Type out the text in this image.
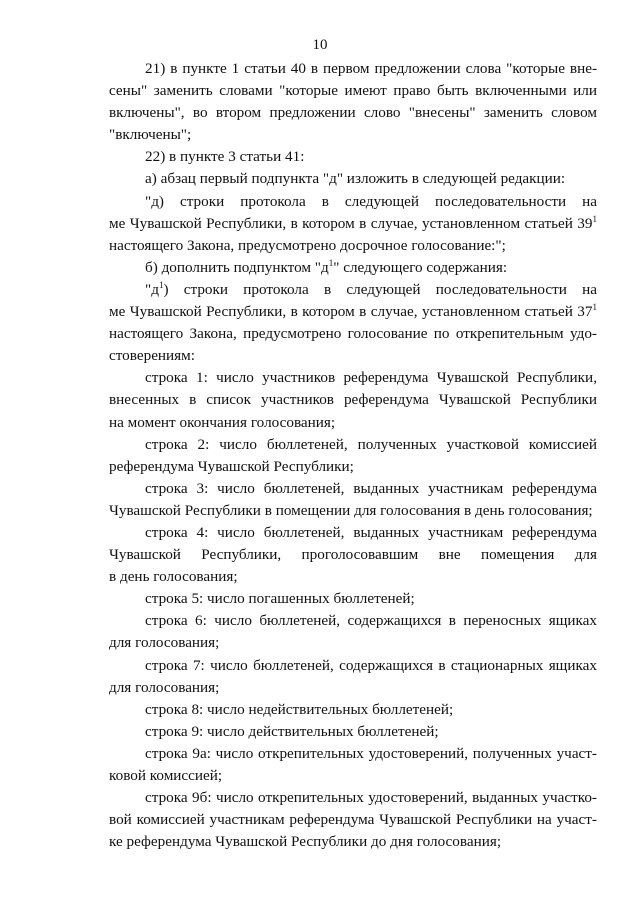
10
21) в пункте 1 статьи 40 в первом предложении слова "которые вне-
сены" заменить словами "которые имеют право быть включенными или
включены", во втором предложении слово "внесены" заменить словом
"включены";
22) в пункте 3 статьи 41:
а) абзац первый подпункта "д" изложить в следующей редакции:
"д) строки протокола в следующей последовательности на
ме Чувашской Республики, в котором в случае, установленном статьей $39^1$
настоящего Закона, предусмотрено досрочное голосование:";
б) дополнить подпунктом "$д^1$" следующего содержания:
"$д^1$) строки протокола в следующей последовательности на
ме Чувашской Республики, в котором в случае, установленном статьей $37^1$
настоящего Закона, предусмотрено голосование по открепительным удо-
стоверениям:
строка 1: число участников референдума Чувашской Республики,
внесенных в список участников референдума Чувашской Республики
на момент окончания голосования;
строка 2: число бюллетеней, полученных участковой комиссией
референдума Чувашской Республики;
строка 3: число бюллетеней, выданных участникам референдума
Чувашской Республики в помещении для голосования в день голосования;
строка 4: число бюллетеней, выданных участникам референдума
Чувашской Республики, проголосовавшим вне помещения для
в день голосования;
строка 5: число погашенных бюллетеней;
строка 6: число бюллетеней, содержащихся в переносных ящиках
для голосования;
строка 7: число бюллетеней, содержащихся в стационарных ящиках
для голосования;
строка 8: число недействительных бюллетеней;
строка 9: число действительных бюллетеней;
строка 9а: число открепительных удостоверений, полученных участ-
ковой комиссией;
строка 9б: число открепительных удостоверений, выданных участко-
вой комиссией участникам референдума Чувашской Республики на участ-
ке референдума Чувашской Республики до дня голосования;
